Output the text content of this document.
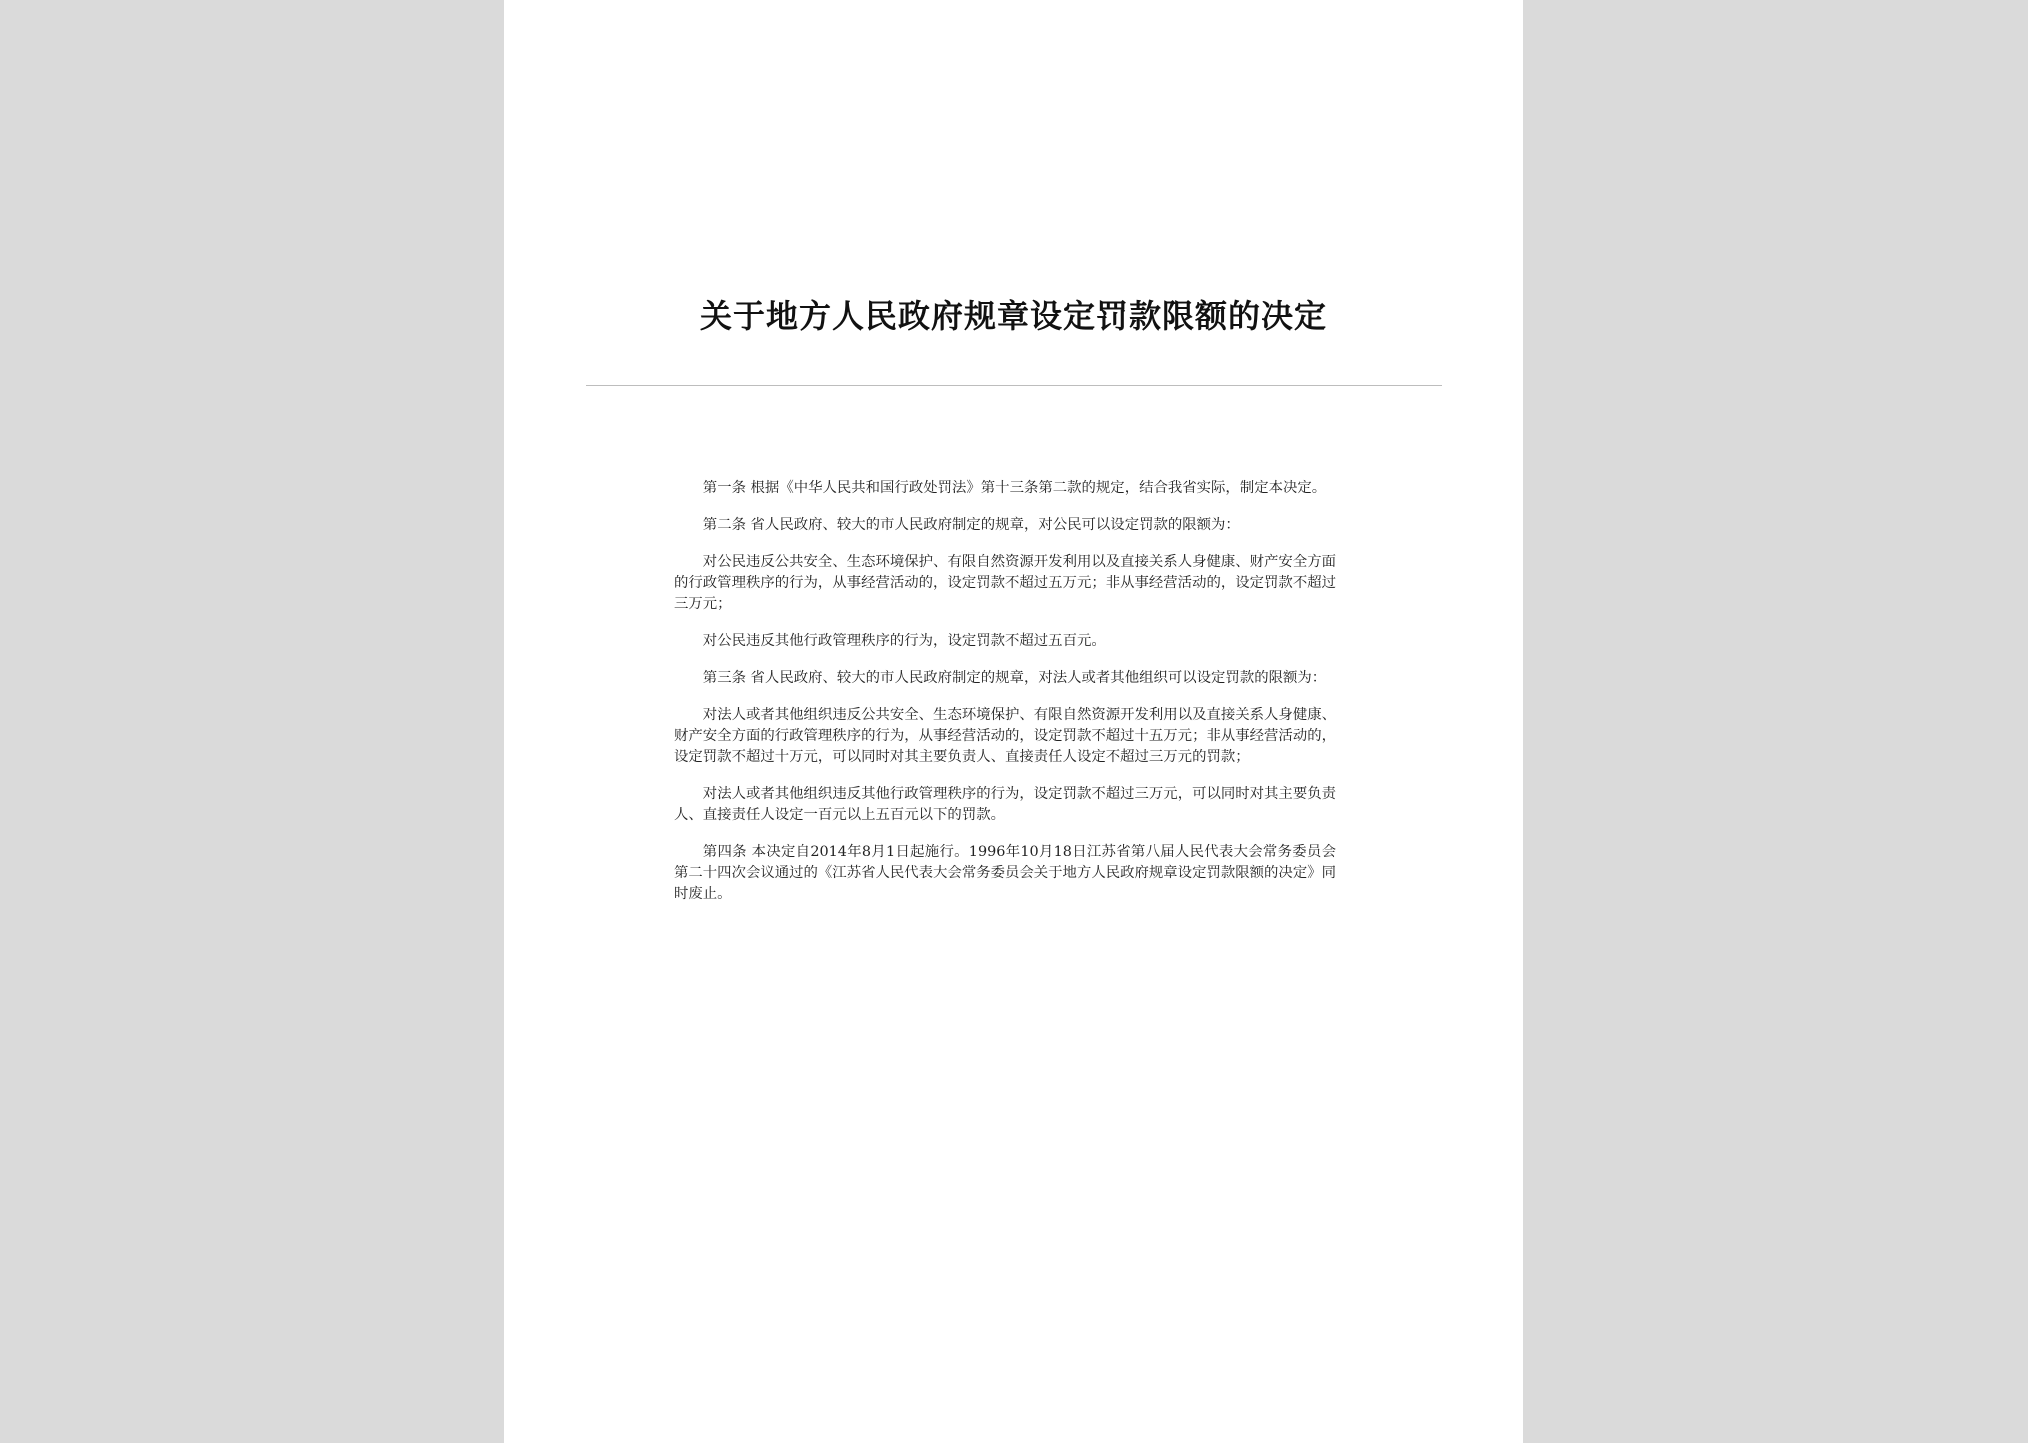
关于地方人民政府规章设定罚款限额的决定

第一条 根据《中华人民共和国行政处罚法》第十三条第二款的规定，结合我省实际，制定本决定。

第二条 省人民政府、较大的市人民政府制定的规章，对公民可以设定罚款的限额为：

对公民违反公共安全、生态环境保护、有限自然资源开发利用以及直接关系人身健康、财产安全方面的行政管理秩序的行为，从事经营活动的，设定罚款不超过五万元；非从事经营活动的，设定罚款不超过三万元；

对公民违反其他行政管理秩序的行为，设定罚款不超过五百元。

第三条 省人民政府、较大的市人民政府制定的规章，对法人或者其他组织可以设定罚款的限额为：

对法人或者其他组织违反公共安全、生态环境保护、有限自然资源开发利用以及直接关系人身健康、财产安全方面的行政管理秩序的行为，从事经营活动的，设定罚款不超过十五万元；非从事经营活动的，设定罚款不超过十万元，可以同时对其主要负责人、直接责任人设定不超过三万元的罚款；

对法人或者其他组织违反其他行政管理秩序的行为，设定罚款不超过三万元，可以同时对其主要负责人、直接责任人设定一百元以上五百元以下的罚款。

第四条 本决定自2014年8月1日起施行。1996年10月18日江苏省第八届人民代表大会常务委员会第二十四次会议通过的《江苏省人民代表大会常务委员会关于地方人民政府规章设定罚款限额的决定》同时废止。
